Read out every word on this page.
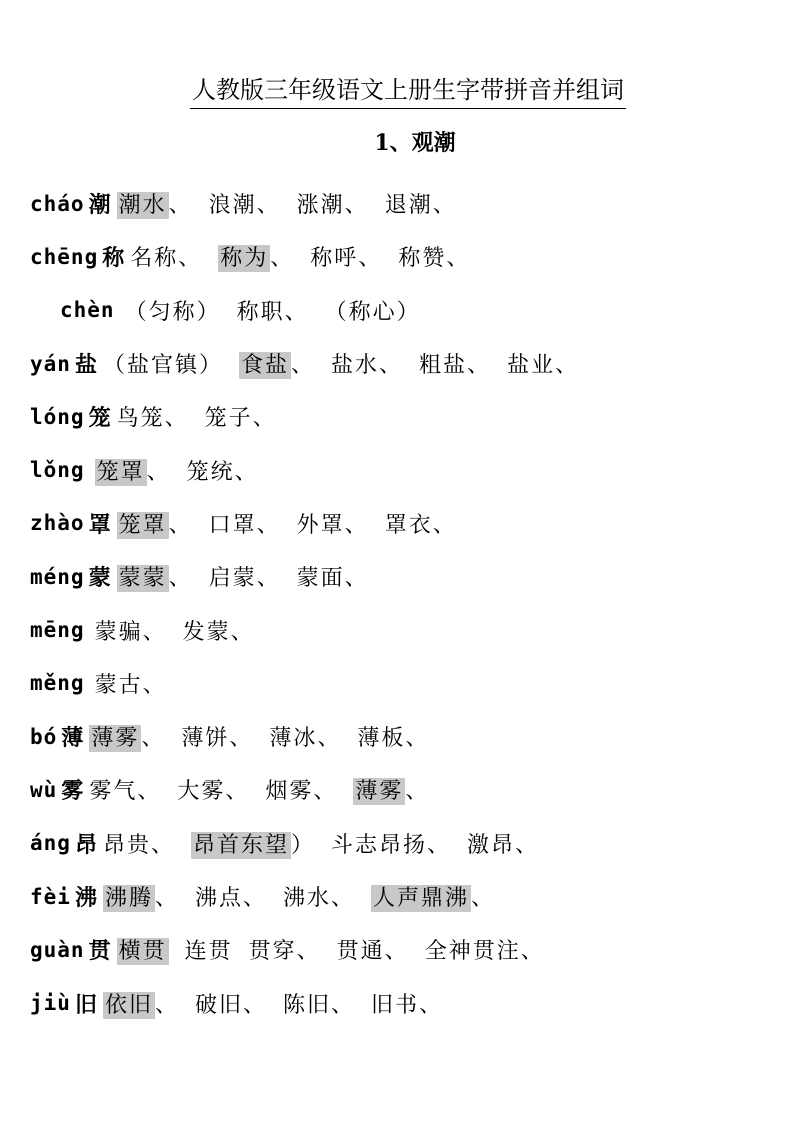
人教版三年级语文上册生字带拼音并组词
1、观潮
cháo 潮 潮水、 浪潮、 涨潮、 退潮、
chēng 称 名称、 称为、 称呼、 称赞、
chèn （匀称） 称职、 （称心）
yán 盐 （盐官镇） 食盐、 盐水、 粗盐、 盐业、
lóng 笼 鸟笼、 笼子、
lǒng 笼罩、 笼统、
zhào 罩 笼罩、 口罩、 外罩、 罩衣、
méng 蒙 蒙蒙、 启蒙、 蒙面、
mēng 蒙骗、 发蒙、
měng 蒙古、
bó 薄 薄雾、 薄饼、 薄冰、 薄板、
wù 雾 雾气、 大雾、 烟雾、 薄雾、
áng 昂 昂贵、 昂首东望） 斗志昂扬、 激昂、
fèi 沸 沸腾、 沸点、 沸水、 人声鼎沸、
guàn 贯 横贯 连贯 贯穿、 贯通、 全神贯注、
jiù 旧 依旧、 破旧、 陈旧、 旧书、
